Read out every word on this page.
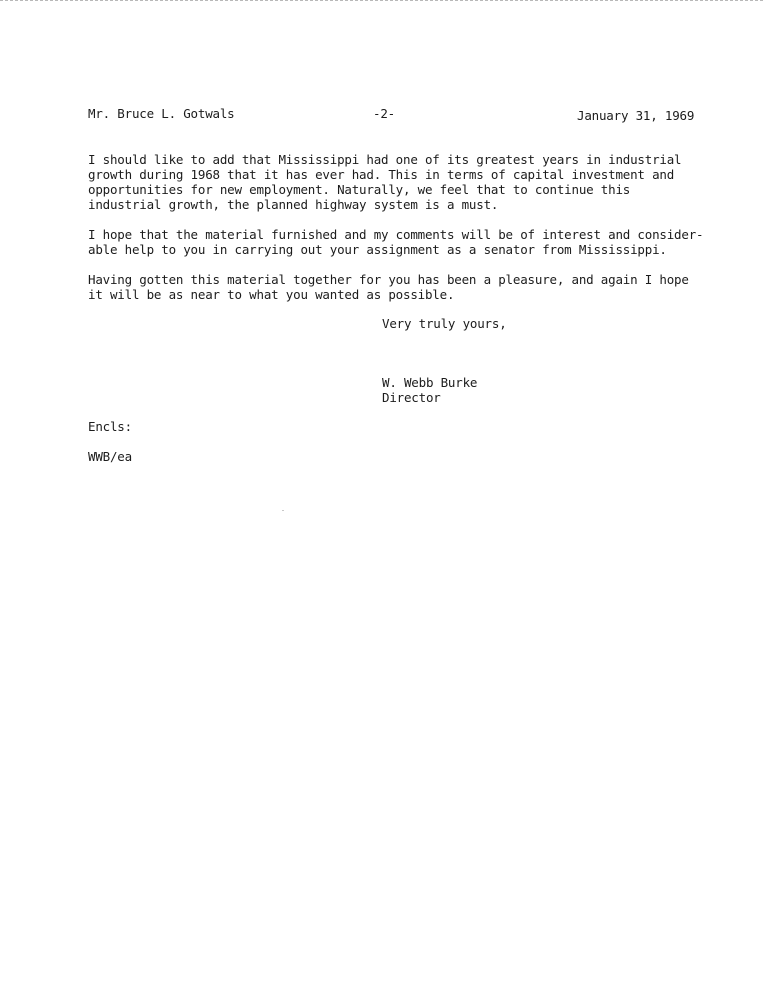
Mr. Bruce L. Gotwals	-2-	January 31, 1969
I should like to add that Mississippi had one of its greatest years in industrial
growth during 1968 that it has ever had. This in terms of capital investment and
opportunities for new employment. Naturally, we feel that to continue this
industrial growth, the planned highway system is a must.
I hope that the material furnished and my comments will be of interest and consider-
able help to you in carrying out your assignment as a senator from Mississippi.
Having gotten this material together for you has been a pleasure, and again I hope
it will be as near to what you wanted as possible.
Very truly yours,
W. Webb Burke
Director
Encls:
WWB/ea
